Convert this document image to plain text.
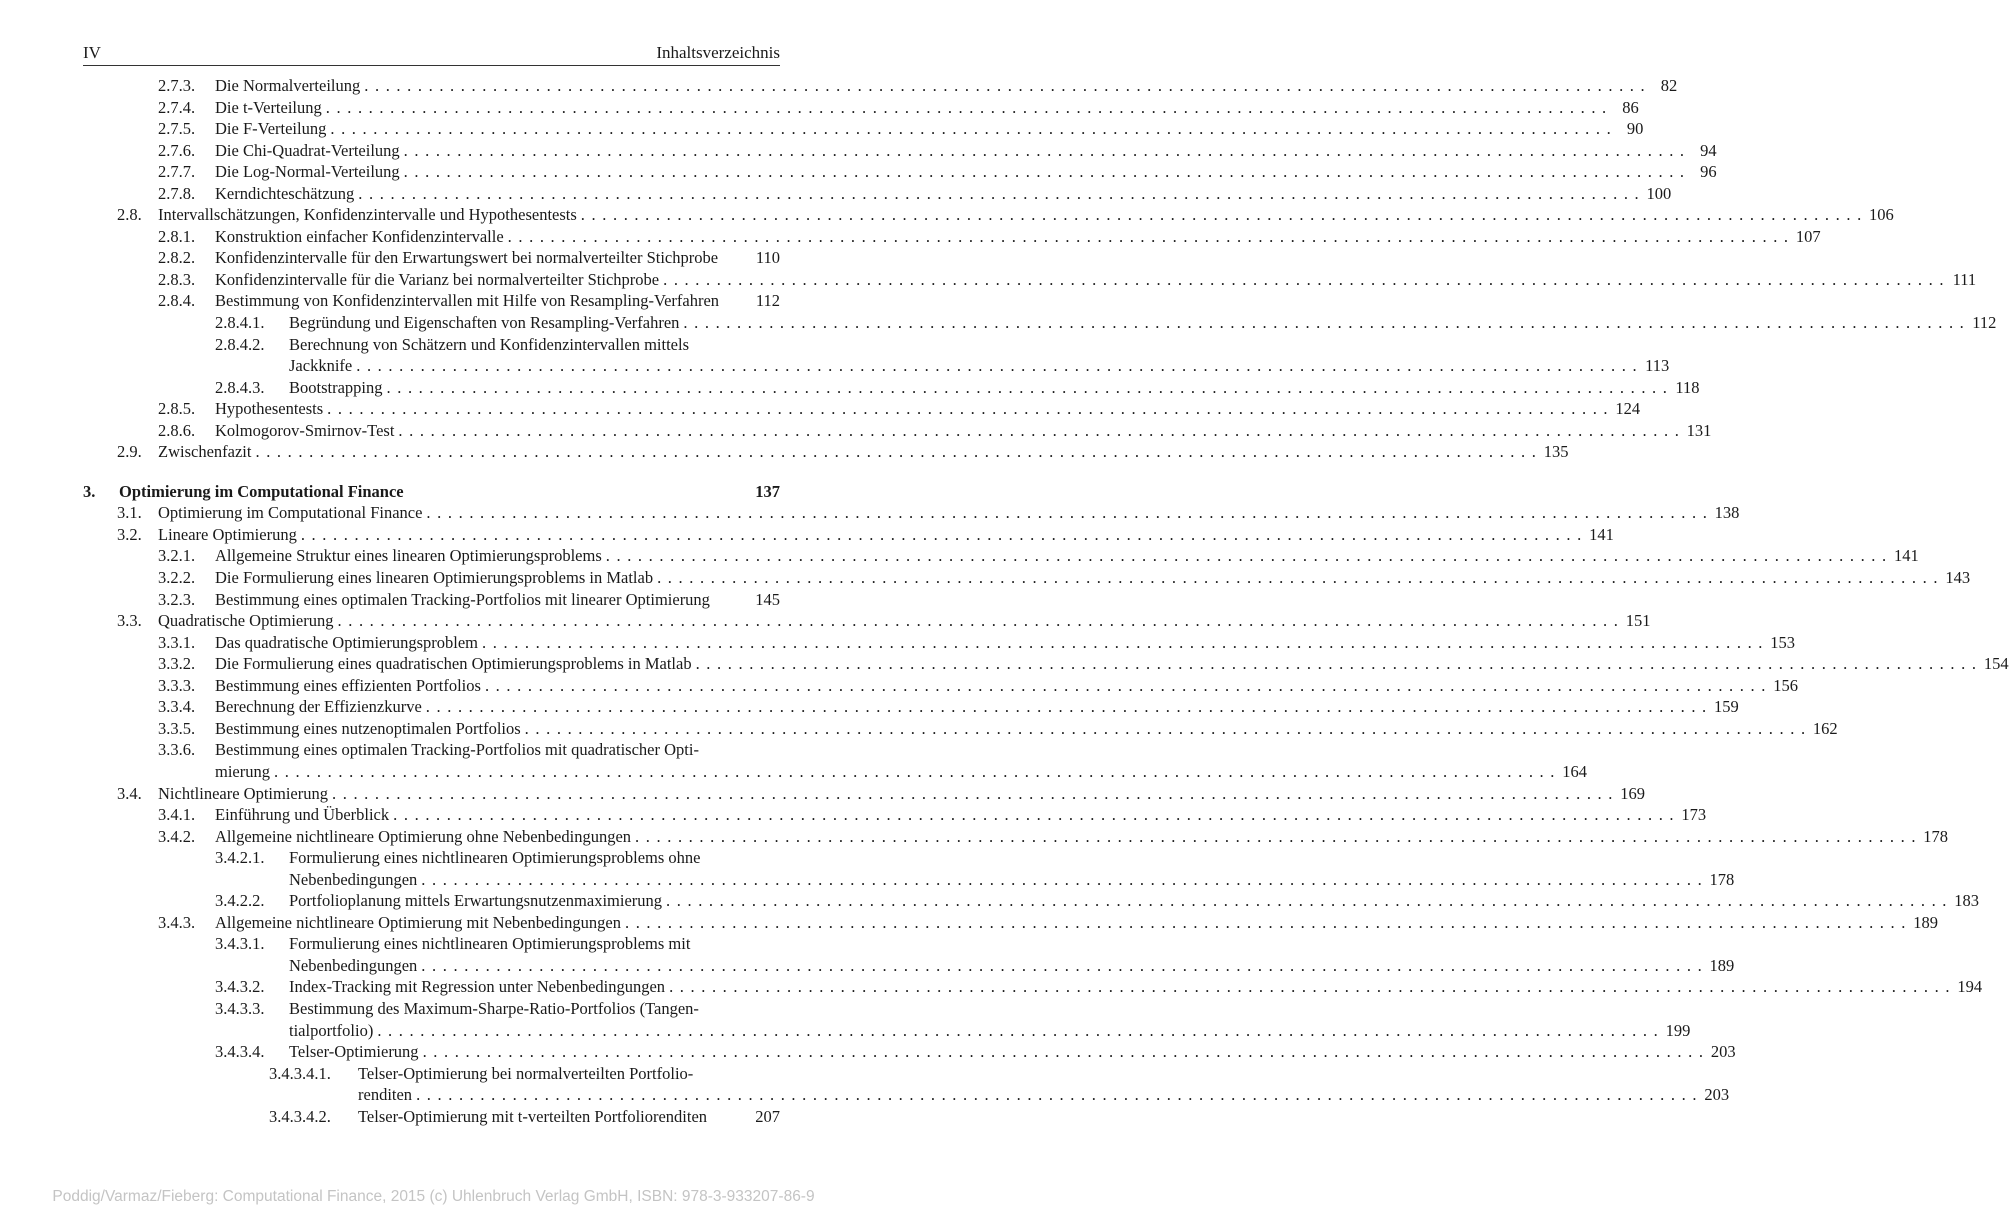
IV	Inhaltsverzeichnis
2.7.3. Die Normalverteilung ........................................................................................................................ 82
2.7.4. Die t-Verteilung ........................................................................................................................ 86
2.7.5. Die F-Verteilung ........................................................................................................................ 90
2.7.6. Die Chi-Quadrat-Verteilung ........................................................................................................................ 94
2.7.7. Die Log-Normal-Verteilung ........................................................................................................................ 96
2.7.8. Kerndichteschätzung ........................................................................................................................ 100
2.8. Intervallschätzungen, Konfidenzintervalle und Hypothesentests ........................................................................................................................ 106
2.8.1. Konstruktion einfacher Konfidenzintervalle ........................................................................................................................ 107
2.8.2. Konfidenzintervalle für den Erwartungswert bei normalverteilter Stichprobe 110
2.8.3. Konfidenzintervalle für die Varianz bei normalverteilter Stichprobe ........................................................................................................................ 111
2.8.4. Bestimmung von Konfidenzintervallen mit Hilfe von Resampling-Verfahren 112
2.8.4.1. Begründung und Eigenschaften von Resampling-Verfahren ........................................................................................................................ 112
2.8.4.2. Berechnung von Schätzern und Konfidenzintervallen mittels
Jackknife ........................................................................................................................ 113
2.8.4.3. Bootstrapping ........................................................................................................................ 118
2.8.5. Hypothesentests ........................................................................................................................ 124
2.8.6. Kolmogorov-Smirnov-Test ........................................................................................................................ 131
2.9. Zwischenfazit ........................................................................................................................ 135
3. Optimierung im Computational Finance	137
3.1. Optimierung im Computational Finance ........................................................................................................................ 138
3.2. Lineare Optimierung ........................................................................................................................ 141
3.2.1. Allgemeine Struktur eines linearen Optimierungsproblems ........................................................................................................................ 141
3.2.2. Die Formulierung eines linearen Optimierungsproblems in Matlab ........................................................................................................................ 143
3.2.3. Bestimmung eines optimalen Tracking-Portfolios mit linearer Optimierung	145
3.3. Quadratische Optimierung ........................................................................................................................ 151
3.3.1. Das quadratische Optimierungsproblem ........................................................................................................................ 153
3.3.2. Die Formulierung eines quadratischen Optimierungsproblems in Matlab ........................................................................................................................ 154
3.3.3. Bestimmung eines effizienten Portfolios ........................................................................................................................ 156
3.3.4. Berechnung der Effizienzkurve ........................................................................................................................ 159
3.3.5. Bestimmung eines nutzenoptimalen Portfolios ........................................................................................................................ 162
3.3.6. Bestimmung eines optimalen Tracking-Portfolios mit quadratischer Opti-
mierung ........................................................................................................................ 164
3.4. Nichtlineare Optimierung ........................................................................................................................ 169
3.4.1. Einführung und Überblick ........................................................................................................................ 173
3.4.2. Allgemeine nichtlineare Optimierung ohne Nebenbedingungen ........................................................................................................................ 178
3.4.2.1. Formulierung eines nichtlinearen Optimierungsproblems ohne
Nebenbedingungen ........................................................................................................................ 178
3.4.2.2. Portfolioplanung mittels Erwartungsnutzenmaximierung ........................................................................................................................ 183
3.4.3. Allgemeine nichtlineare Optimierung mit Nebenbedingungen ........................................................................................................................ 189
3.4.3.1. Formulierung eines nichtlinearen Optimierungsproblems mit
Nebenbedingungen ........................................................................................................................ 189
3.4.3.2. Index-Tracking mit Regression unter Nebenbedingungen ........................................................................................................................ 194
3.4.3.3. Bestimmung des Maximum-Sharpe-Ratio-Portfolios (Tangen-
tialportfolio) ........................................................................................................................ 199
3.4.3.4. Telser-Optimierung ........................................................................................................................ 203
3.4.3.4.1. Telser-Optimierung bei normalverteilten Portfolio-
renditen ........................................................................................................................ 203
3.4.3.4.2. Telser-Optimierung mit t-verteilten Portfoliorenditen	207
Poddig/Varmaz/Fieberg: Computational Finance, 2015 (c) Uhlenbruch Verlag GmbH, ISBN: 978-3-933207-86-9
